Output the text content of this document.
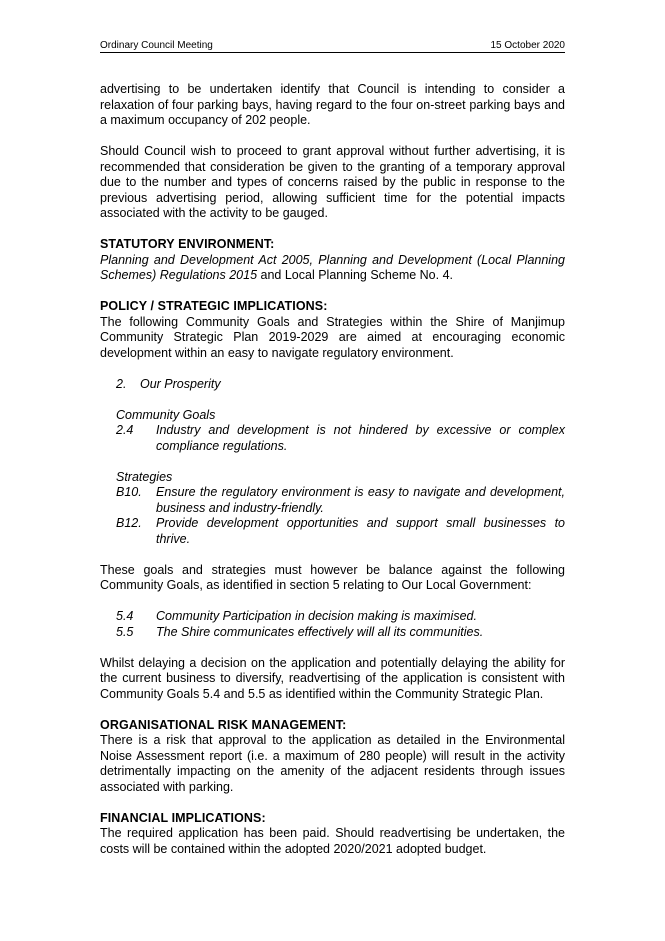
Ordinary Council Meeting	15 October 2020

advertising to be undertaken identify that Council is intending to consider a relaxation of four parking bays, having regard to the four on-street parking bays and a maximum occupancy of 202 people.

Should Council wish to proceed to grant approval without further advertising, it is recommended that consideration be given to the granting of a temporary approval due to the number and types of concerns raised by the public in response to the previous advertising period, allowing sufficient time for the potential impacts associated with the activity to be gauged.

STATUTORY ENVIRONMENT:

Planning and Development Act 2005, Planning and Development (Local Planning Schemes) Regulations 2015 and Local Planning Scheme No. 4.

POLICY / STRATEGIC IMPLICATIONS:

The following Community Goals and Strategies within the Shire of Manjimup Community Strategic Plan 2019-2029 are aimed at encouraging economic development within an easy to navigate regulatory environment.

2.	Our Prosperity

Community Goals

2.4	Industry and development is not hindered by excessive or complex compliance regulations.

Strategies

B10.	Ensure the regulatory environment is easy to navigate and development, business and industry-friendly.
B12.	Provide development opportunities and support small businesses to thrive.

These goals and strategies must however be balance against the following Community Goals, as identified in section 5 relating to Our Local Government:

5.4	Community Participation in decision making is maximised.
5.5	The Shire communicates effectively will all its communities.

Whilst delaying a decision on the application and potentially delaying the ability for the current business to diversify, readvertising of the application is consistent with Community Goals 5.4 and 5.5 as identified within the Community Strategic Plan.

ORGANISATIONAL RISK MANAGEMENT:

There is a risk that approval to the application as detailed in the Environmental Noise Assessment report (i.e. a maximum of 280 people) will result in the activity detrimentally impacting on the amenity of the adjacent residents through issues associated with parking.

FINANCIAL IMPLICATIONS:

The required application has been paid. Should readvertising be undertaken, the costs will be contained within the adopted 2020/2021 adopted budget.
